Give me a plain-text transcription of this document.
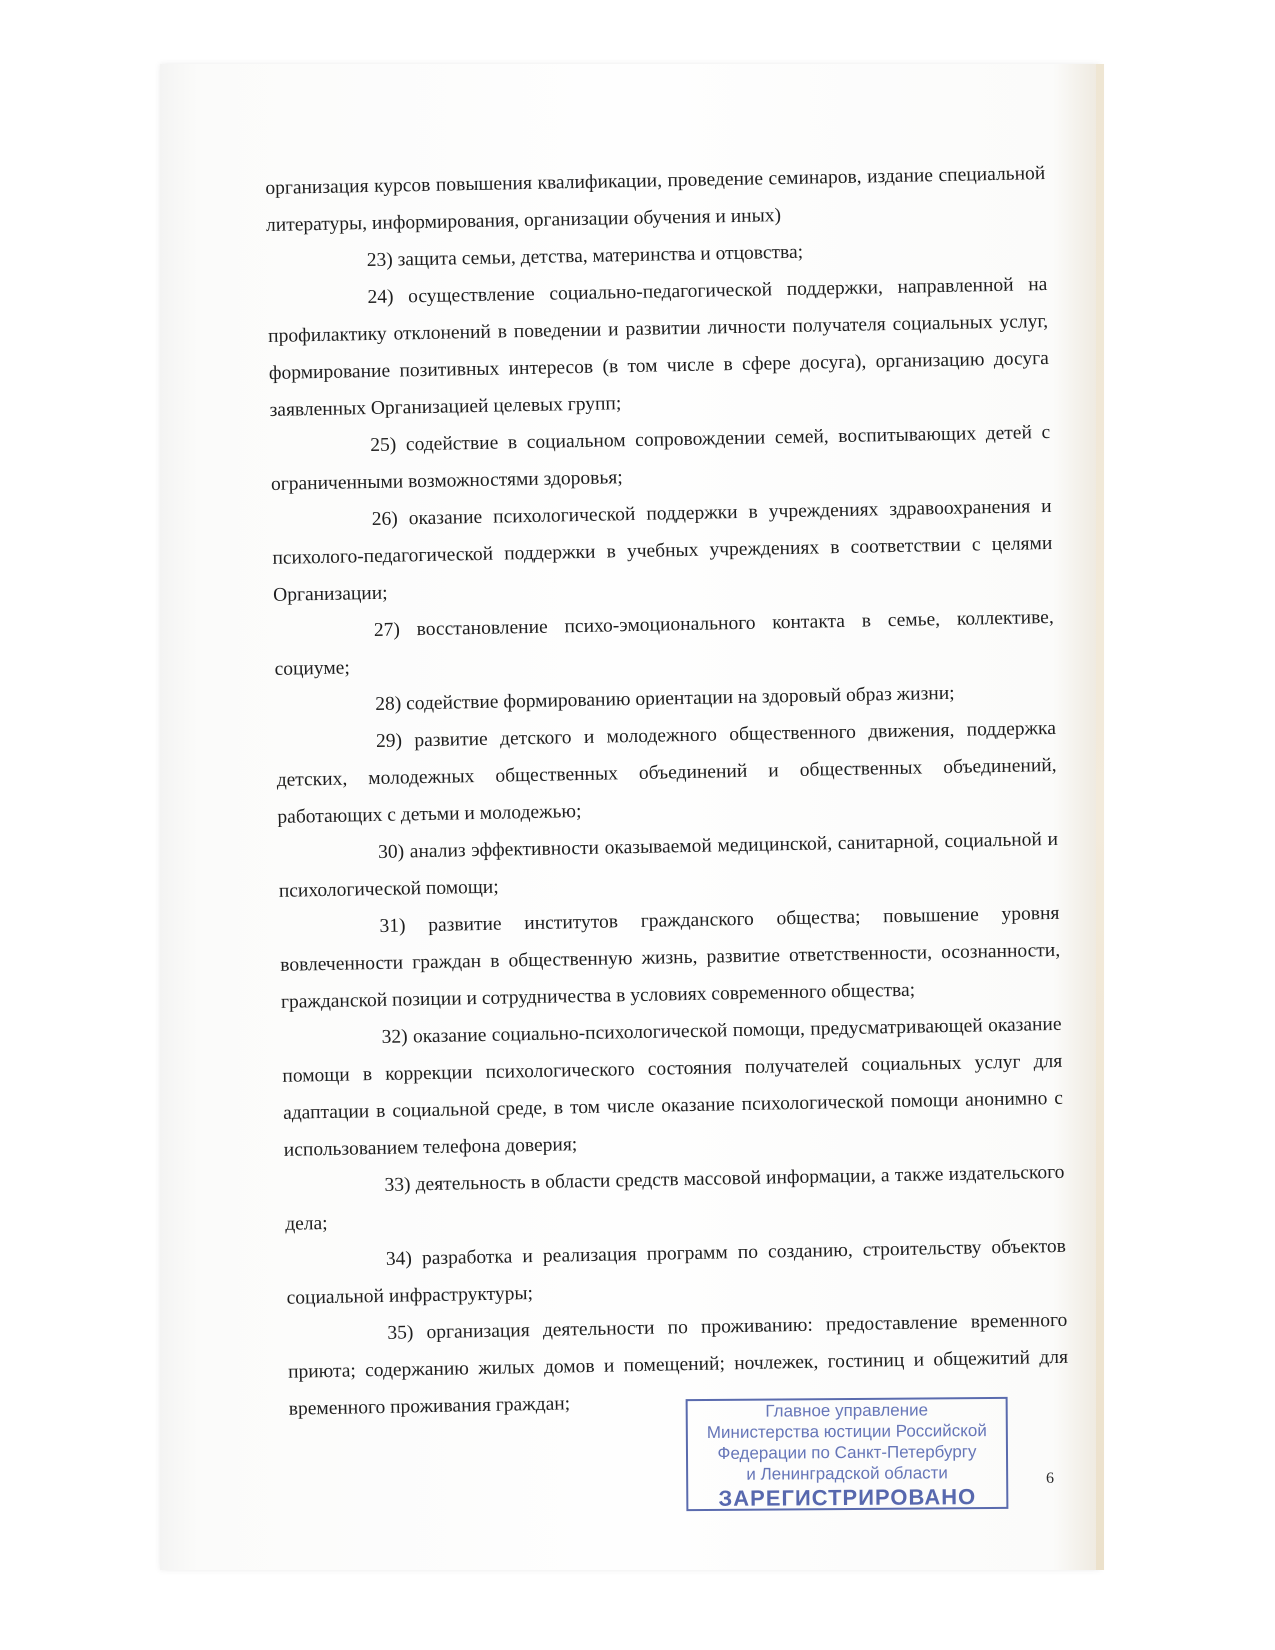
организация курсов повышения квалификации, проведение семинаров, издание специальной литературы, информирования, организации обучения и иных)

23) защита семьи, детства, материнства и отцовства;

24) осуществление социально-педагогической поддержки, направленной на профилактику отклонений в поведении и развитии личности получателя социальных услуг, формирование позитивных интересов (в том числе в сфере досуга), организацию досуга заявленных Организацией целевых групп;

25) содействие в социальном сопровождении семей, воспитывающих детей с ограниченными возможностями здоровья;

26) оказание психологической поддержки в учреждениях здравоохранения и психолого-педагогической поддержки в учебных учреждениях в соответствии с целями Организации;

27) восстановление психо-эмоционального контакта в семье, коллективе, социуме;

28) содействие формированию ориентации на здоровый образ жизни;

29) развитие детского и молодежного общественного движения, поддержка детских, молодежных общественных объединений и общественных объединений, работающих с детьми и молодежью;

30) анализ эффективности оказываемой медицинской, санитарной, социальной и психологической помощи;

31) развитие институтов гражданского общества; повышение уровня вовлеченности граждан в общественную жизнь, развитие ответственности, осознанности, гражданской позиции и сотрудничества в условиях современного общества;

32) оказание социально-психологической помощи, предусматривающей оказание помощи в коррекции психологического состояния получателей социальных услуг для адаптации в социальной среде, в том числе оказание психологической помощи анонимно с использованием телефона доверия;

33) деятельность в области средств массовой информации, а также издательского дела;

34) разработка и реализация программ по созданию, строительству объектов социальной инфраструктуры;

35) организация деятельности по проживанию: предоставление временного приюта; содержанию жилых домов и помещений; ночлежек, гостиниц и общежитий для временного проживания граждан;	Главное управление
Министерства юстиции Российской
Федерации по Санкт-Петербургу
и Ленинградской области
ЗАРЕГИСТРИРОВАНО
6
